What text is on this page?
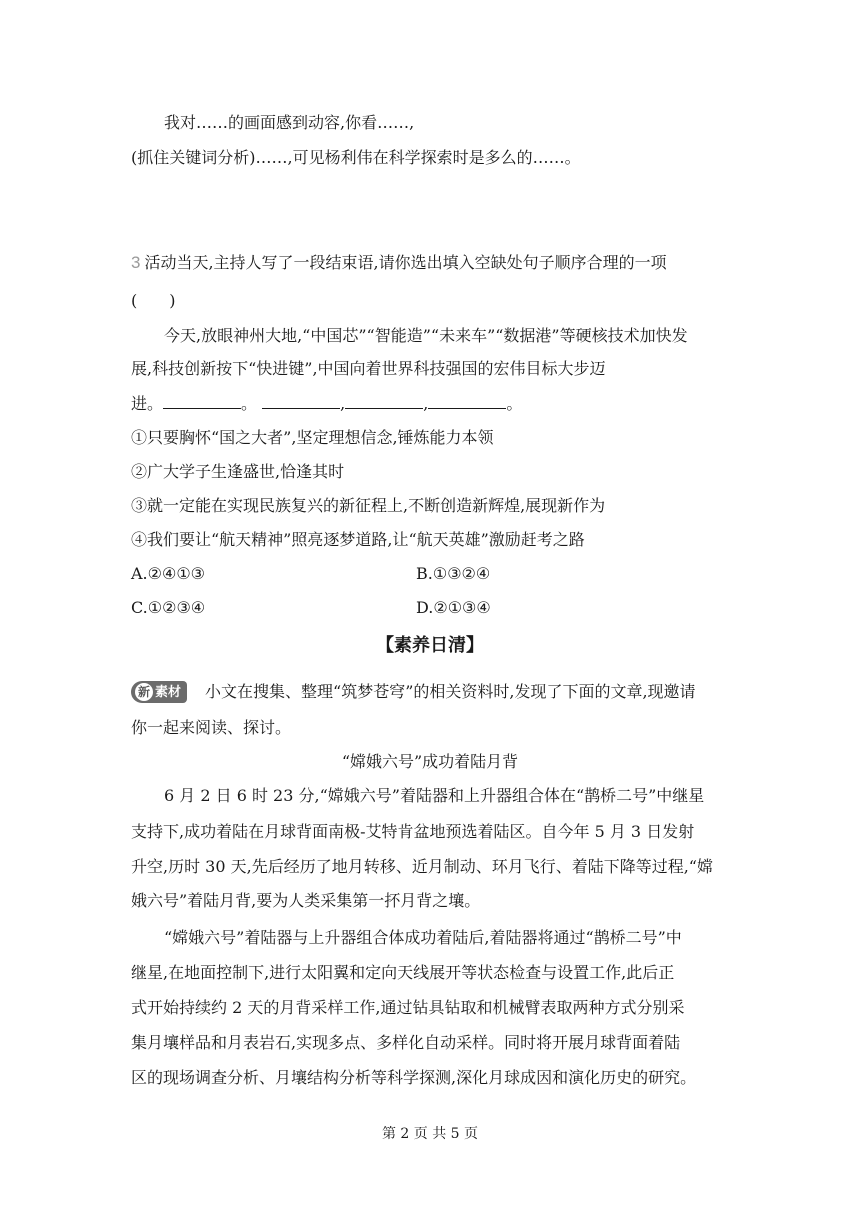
我对……的画面感到动容,你看……,
(抓住关键词分析)……,可见杨利伟在科学探索时是多么的……。
3 活动当天,主持人写了一段结束语,请你选出填入空缺处句子顺序合理的一项
(　　)
今天,放眼神州大地,“中国芯”“智能造”“未来车”“数据港”等硬核技术加快发
展,科技创新按下“快进键”,中国向着世界科技强国的宏伟目标大步迈
进。	。	,	,	。
①只要胸怀“国之大者”,坚定理想信念,锤炼能力本领
②广大学子生逢盛世,恰逢其时
③就一定能在实现民族复兴的新征程上,不断创造新辉煌,展现新作为
④我们要让“航天精神”照亮逐梦道路,让“航天英雄”激励赶考之路
A.②④①③	B.①③②④
C.①②③④	D.②①③④
【素养日清】
新 素材 小文在搜集、整理“筑梦苍穹”的相关资料时,发现了下面的文章,现邀请
你一起来阅读、探讨。
“嫦娥六号”成功着陆月背
6 月 2 日 6 时 23 分,“嫦娥六号”着陆器和上升器组合体在“鹊桥二号”中继星
支持下,成功着陆在月球背面南极-艾特肯盆地预选着陆区。自今年 5 月 3 日发射
升空,历时 30 天,先后经历了地月转移、近月制动、环月飞行、着陆下降等过程,“嫦
娥六号”着陆月背,要为人类采集第一抔月背之壤。
“嫦娥六号”着陆器与上升器组合体成功着陆后,着陆器将通过“鹊桥二号”中
继星,在地面控制下,进行太阳翼和定向天线展开等状态检查与设置工作,此后正
式开始持续约 2 天的月背采样工作,通过钻具钻取和机械臂表取两种方式分别采
集月壤样品和月表岩石,实现多点、多样化自动采样。同时将开展月球背面着陆
区的现场调查分析、月壤结构分析等科学探测,深化月球成因和演化历史的研究。
第 2 页 共 5 页
